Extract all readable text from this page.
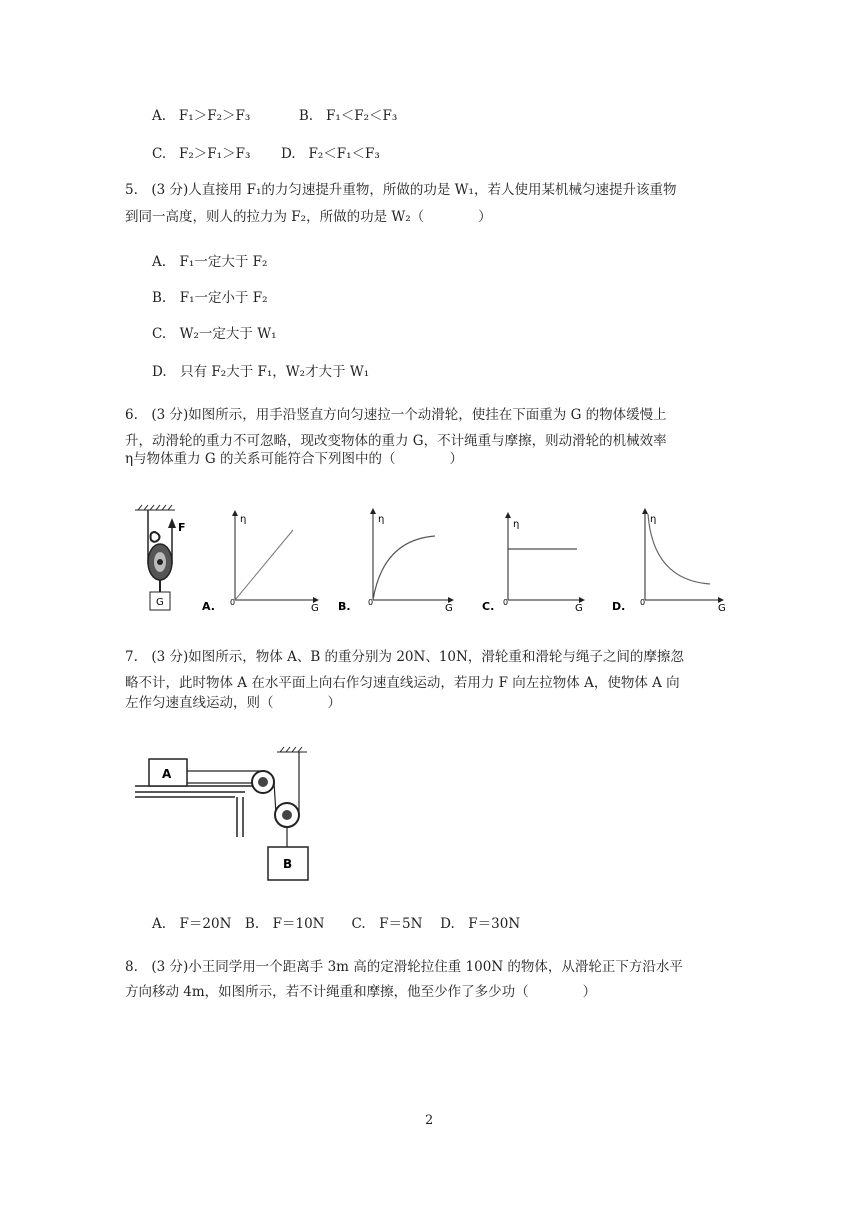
A. F₁＞F₂＞F₃	B. F₁＜F₂＜F₃
C. F₂＞F₁＞F₃ D. F₂＜F₁＜F₃
5.　(3 分)人直接用 F₁的力匀速提升重物，所做的功是 W₁，若人使用某机械匀速提升该重物
到同一高度，则人的拉力为 F₂，所做的功是 W₂（　　　　）
A.　F₁一定大于 F₂
B.　F₁一定小于 F₂
C.　W₂一定大于 W₁
D.　只有 F₂大于 F₁，W₂才大于 W₁
6.　(3 分)如图所示，用手沿竖直方向匀速拉一个动滑轮，使挂在下面重为 G 的物体缓慢上
升，动滑轮的重力不可忽略，现改变物体的重力 G，不计绳重与摩擦，则动滑轮的机械效率
η与物体重力 G 的关系可能符合下列图中的（　　　　）
F
G
η
G
0
A.
η
G
0
B.
η
G
0
C.
η
G
0
D.
7.　(3 分)如图所示，物体 A、B 的重分别为 20N、10N，滑轮重和滑轮与绳子之间的摩擦忽
略不计，此时物体 A 在水平面上向右作匀速直线运动，若用力 F 向左拉物体 A，使物体 A 向
左作匀速直线运动，则（　　　　）
A
B
A.　F＝20N　B.　F＝10N　　C.　F＝5N　 D.　F＝30N
8.　(3 分)小王同学用一个距离手 3m 高的定滑轮拉住重 100N 的物体，从滑轮正下方沿水平
方向移动 4m，如图所示，若不计绳重和摩擦，他至少作了多少功（　　　　）
2
